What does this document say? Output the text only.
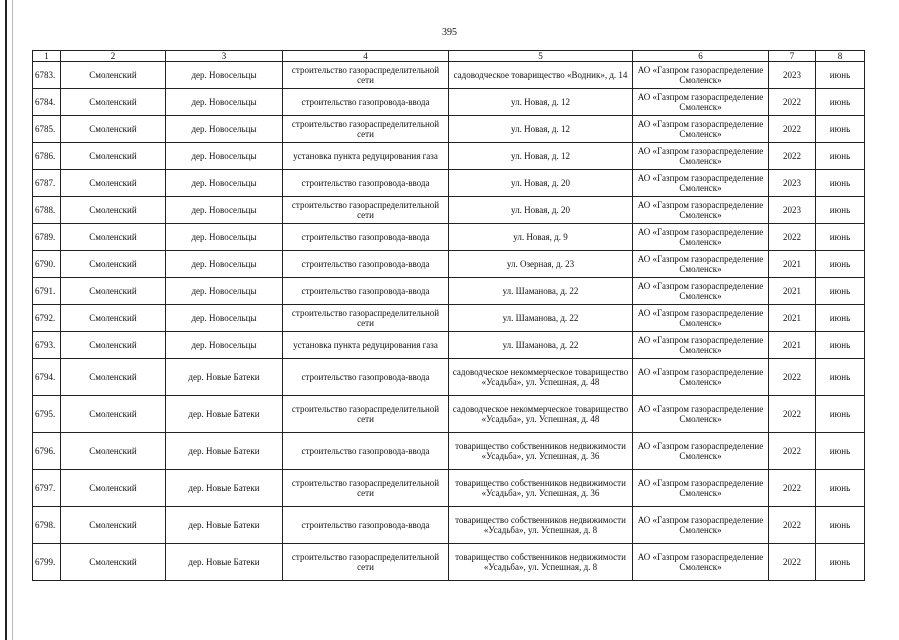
395
1	2	3	4	5	6	7	8
6783.	Смоленский	дер. Новосельцы	строительство газораспределительной сети	садоводческое товарищество «Водник», д. 14	АО «Газпром газораспределение Смоленск»	2023	июнь
6784.	Смоленский	дер. Новосельцы	строительство газопровода-ввода	ул. Новая, д. 12	АО «Газпром газораспределение Смоленск»	2022	июнь
6785.	Смоленский	дер. Новосельцы	строительство газораспределительной сети	ул. Новая, д. 12	АО «Газпром газораспределение Смоленск»	2022	июнь
6786.	Смоленский	дер. Новосельцы	установка пункта редуцирования газа	ул. Новая, д. 12	АО «Газпром газораспределение Смоленск»	2022	июнь
6787.	Смоленский	дер. Новосельцы	строительство газопровода-ввода	ул. Новая, д. 20	АО «Газпром газораспределение Смоленск»	2023	июнь
6788.	Смоленский	дер. Новосельцы	строительство газораспределительной сети	ул. Новая, д. 20	АО «Газпром газораспределение Смоленск»	2023	июнь
6789.	Смоленский	дер. Новосельцы	строительство газопровода-ввода	ул. Новая, д. 9	АО «Газпром газораспределение Смоленск»	2022	июнь
6790.	Смоленский	дер. Новосельцы	строительство газопровода-ввода	ул. Озерная, д. 23	АО «Газпром газораспределение Смоленск»	2021	июнь
6791.	Смоленский	дер. Новосельцы	строительство газопровода-ввода	ул. Шаманова, д. 22	АО «Газпром газораспределение Смоленск»	2021	июнь
6792.	Смоленский	дер. Новосельцы	строительство газораспределительной сети	ул. Шаманова, д. 22	АО «Газпром газораспределение Смоленск»	2021	июнь
6793.	Смоленский	дер. Новосельцы	установка пункта редуцирования газа	ул. Шаманова, д. 22	АО «Газпром газораспределение Смоленск»	2021	июнь
6794.	Смоленский	дер. Новые Батеки	строительство газопровода-ввода	садоводческое некоммерческое товарищество «Усадьба», ул. Успешная, д. 48	АО «Газпром газораспределение Смоленск»	2022	июнь
6795.	Смоленский	дер. Новые Батеки	строительство газораспределительной сети	садоводческое некоммерческое товарищество «Усадьба», ул. Успешная, д. 48	АО «Газпром газораспределение Смоленск»	2022	июнь
6796.	Смоленский	дер. Новые Батеки	строительство газопровода-ввода	товарищество собственников недвижимости «Усадьба», ул. Успешная, д. 36	АО «Газпром газораспределение Смоленск»	2022	июнь
6797.	Смоленский	дер. Новые Батеки	строительство газораспределительной сети	товарищество собственников недвижимости «Усадьба», ул. Успешная, д. 36	АО «Газпром газораспределение Смоленск»	2022	июнь
6798.	Смоленский	дер. Новые Батеки	строительство газопровода-ввода	товарищество собственников недвижимости «Усадьба», ул. Успешная, д. 8	АО «Газпром газораспределение Смоленск»	2022	июнь
6799.	Смоленский	дер. Новые Батеки	строительство газораспределительной сети	товарищество собственников недвижимости «Усадьба», ул. Успешная, д. 8	АО «Газпром газораспределение Смоленск»	2022	июнь
